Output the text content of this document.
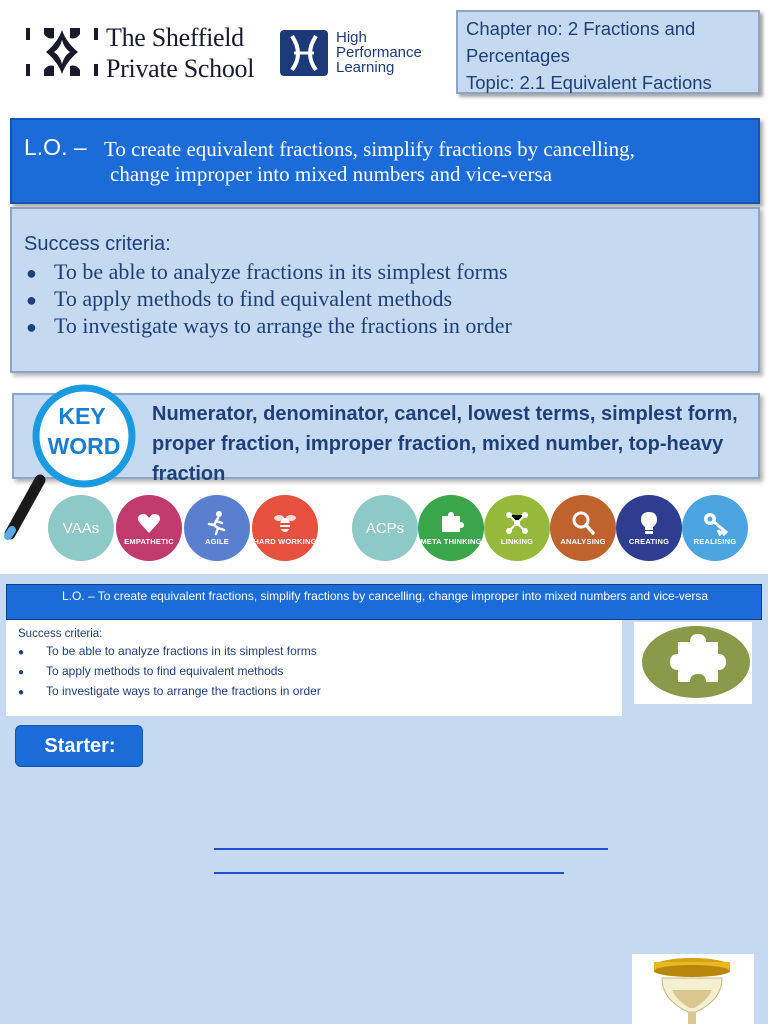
The Sheffield
Private School
High
Performance
Learning
Chapter no: 2 Fractions and
Percentages
Topic: 2.1 Equivalent Factions
L.O. – To create equivalent fractions, simplify fractions by cancelling,
change improper into mixed numbers and vice-versa
Success criteria:
● To be able to analyze fractions in its simplest forms
● To apply methods to find equivalent methods
● To investigate ways to arrange the fractions in order
Numerator, denominator, cancel, lowest terms, simplest form, proper fraction, improper fraction, mixed number, top-heavy fraction
KEY
WORD
VAAs
EMPATHETIC	AGILE	HARD WORKING
ACPs
META THINKING	LINKING	ANALYSING	CREATING	REALISING
L.O. – To create equivalent fractions, simplify fractions by cancelling, change improper into mixed numbers and vice-versa
Success criteria:
● To be able to analyze fractions in its simplest forms
● To apply methods to find equivalent methods
● To investigate ways to arrange the fractions in order
Starter:
